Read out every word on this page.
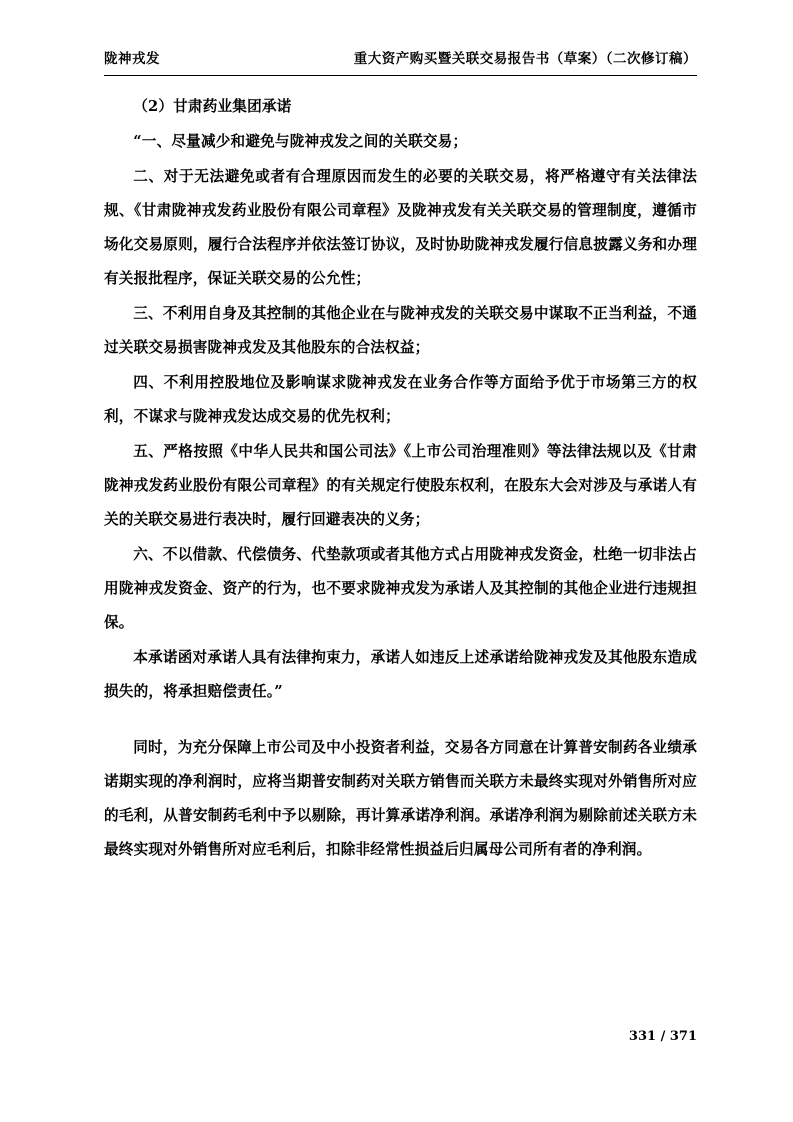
陇神戎发	重大资产购买暨关联交易报告书（草案）（二次修订稿）

（2）甘肃药业集团承诺

“一、尽量减少和避免与陇神戎发之间的关联交易；

二、对于无法避免或者有合理原因而发生的必要的关联交易，将严格遵守有关法律法规、《甘肃陇神戎发药业股份有限公司章程》及陇神戎发有关关联交易的管理制度，遵循市场化交易原则，履行合法程序并依法签订协议，及时协助陇神戎发履行信息披露义务和办理有关报批程序，保证关联交易的公允性；

三、不利用自身及其控制的其他企业在与陇神戎发的关联交易中谋取不正当利益，不通过关联交易损害陇神戎发及其他股东的合法权益；

四、不利用控股地位及影响谋求陇神戎发在业务合作等方面给予优于市场第三方的权利，不谋求与陇神戎发达成交易的优先权利；

五、严格按照《中华人民共和国公司法》《上市公司治理准则》等法律法规以及《甘肃陇神戎发药业股份有限公司章程》的有关规定行使股东权利，在股东大会对涉及与承诺人有关的关联交易进行表决时，履行回避表决的义务；

六、不以借款、代偿债务、代垫款项或者其他方式占用陇神戎发资金，杜绝一切非法占用陇神戎发资金、资产的行为，也不要求陇神戎发为承诺人及其控制的其他企业进行违规担保。

本承诺函对承诺人具有法律拘束力，承诺人如违反上述承诺给陇神戎发及其他股东造成损失的，将承担赔偿责任。”

同时，为充分保障上市公司及中小投资者利益，交易各方同意在计算普安制药各业绩承诺期实现的净利润时，应将当期普安制药对关联方销售而关联方未最终实现对外销售所对应的毛利，从普安制药毛利中予以剔除，再计算承诺净利润。承诺净利润为剔除前述关联方未最终实现对外销售所对应毛利后，扣除非经常性损益后归属母公司所有者的净利润。

331 / 371
